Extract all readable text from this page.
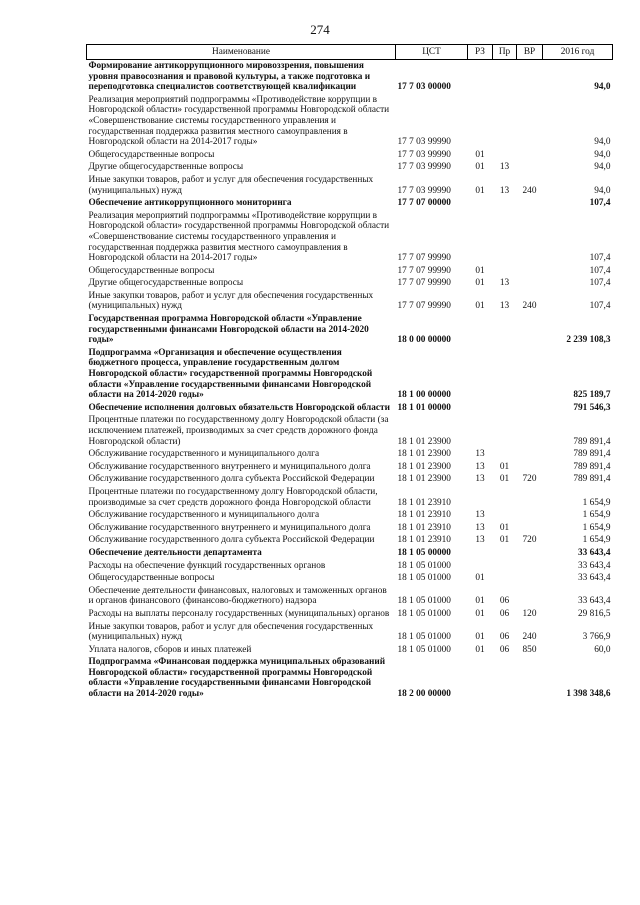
274
Наименование	ЦСТ	РЗ	Пр	ВР	2016 год
Формирование антикоррупционного мировоззрения, повышения уровня правосознания и правовой культуры, а также подготовка и переподготовка специалистов соответствующей квалификации	17 7 03 00000				94,0
Реализация мероприятий подпрограммы «Противодействие коррупции в Новгородской области» государственной программы Новгородской области «Совершенствование системы государственного управления и государственная поддержка развития местного самоуправления в Новгородской области на 2014-2017 годы»	17 7 03 99990				94,0
Общегосударственные вопросы	17 7 03 99990	01			94,0
Другие общегосударственные вопросы	17 7 03 99990	01	13		94,0
Иные закупки товаров, работ и услуг для обеспечения государственных (муниципальных) нужд	17 7 03 99990	01	13	240	94,0
Обеспечение антикоррупционного мониторинга	17 7 07 00000				107,4
Реализация мероприятий подпрограммы «Противодействие коррупции в Новгородской области» государственной программы Новгородской области «Совершенствование системы государственного управления и государственная поддержка развития местного самоуправления в Новгородской области на 2014-2017 годы»	17 7 07 99990				107,4
Общегосударственные вопросы	17 7 07 99990	01			107,4
Другие общегосударственные вопросы	17 7 07 99990	01	13		107,4
Иные закупки товаров, работ и услуг для обеспечения государственных (муниципальных) нужд	17 7 07 99990	01	13	240	107,4
Государственная программа Новгородской области «Управление государственными финансами Новгородской области на 2014-2020 годы»	18 0 00 00000				2 239 108,3
Подпрограмма «Организация и обеспечение осуществления бюджетного процесса, управление государственным долгом Новгородской области» государственной программы Новгородской области «Управление государственными финансами Новгородской области на 2014-2020 годы»	18 1 00 00000				825 189,7
Обеспечение исполнения долговых обязательств Новгородской области	18 1 01 00000				791 546,3
Процентные платежи по государственному долгу Новгородской области (за исключением платежей, производимых за счет средств дорожного фонда Новгородской области)	18 1 01 23900				789 891,4
Обслуживание государственного и муниципального долга	18 1 01 23900	13			789 891,4
Обслуживание государственного внутреннего и муниципального долга	18 1 01 23900	13	01		789 891,4
Обслуживание государственного долга субъекта Российской Федерации	18 1 01 23900	13	01	720	789 891,4
Процентные платежи по государственному долгу Новгородской области, производимые за счет средств дорожного фонда Новгородской области	18 1 01 23910				1 654,9
Обслуживание государственного и муниципального долга	18 1 01 23910	13			1 654,9
Обслуживание государственного внутреннего и муниципального долга	18 1 01 23910	13	01		1 654,9
Обслуживание государственного долга субъекта Российской Федерации	18 1 01 23910	13	01	720	1 654,9
Обеспечение деятельности департамента	18 1 05 00000				33 643,4
Расходы на обеспечение функций государственных органов	18 1 05 01000				33 643,4
Общегосударственные вопросы	18 1 05 01000	01			33 643,4
Обеспечение деятельности финансовых, налоговых и таможенных органов и органов финансового (финансово-бюджетного) надзора	18 1 05 01000	01	06		33 643,4
Расходы на выплаты персоналу государственных (муниципальных) органов	18 1 05 01000	01	06	120	29 816,5
Иные закупки товаров, работ и услуг для обеспечения государственных (муниципальных) нужд	18 1 05 01000	01	06	240	3 766,9
Уплата налогов, сборов и иных платежей	18 1 05 01000	01	06	850	60,0
Подпрограмма «Финансовая поддержка муниципальных образований Новгородской области» государственной программы Новгородской области «Управление государственными финансами Новгородской области на 2014-2020 годы»	18 2 00 00000				1 398 348,6
